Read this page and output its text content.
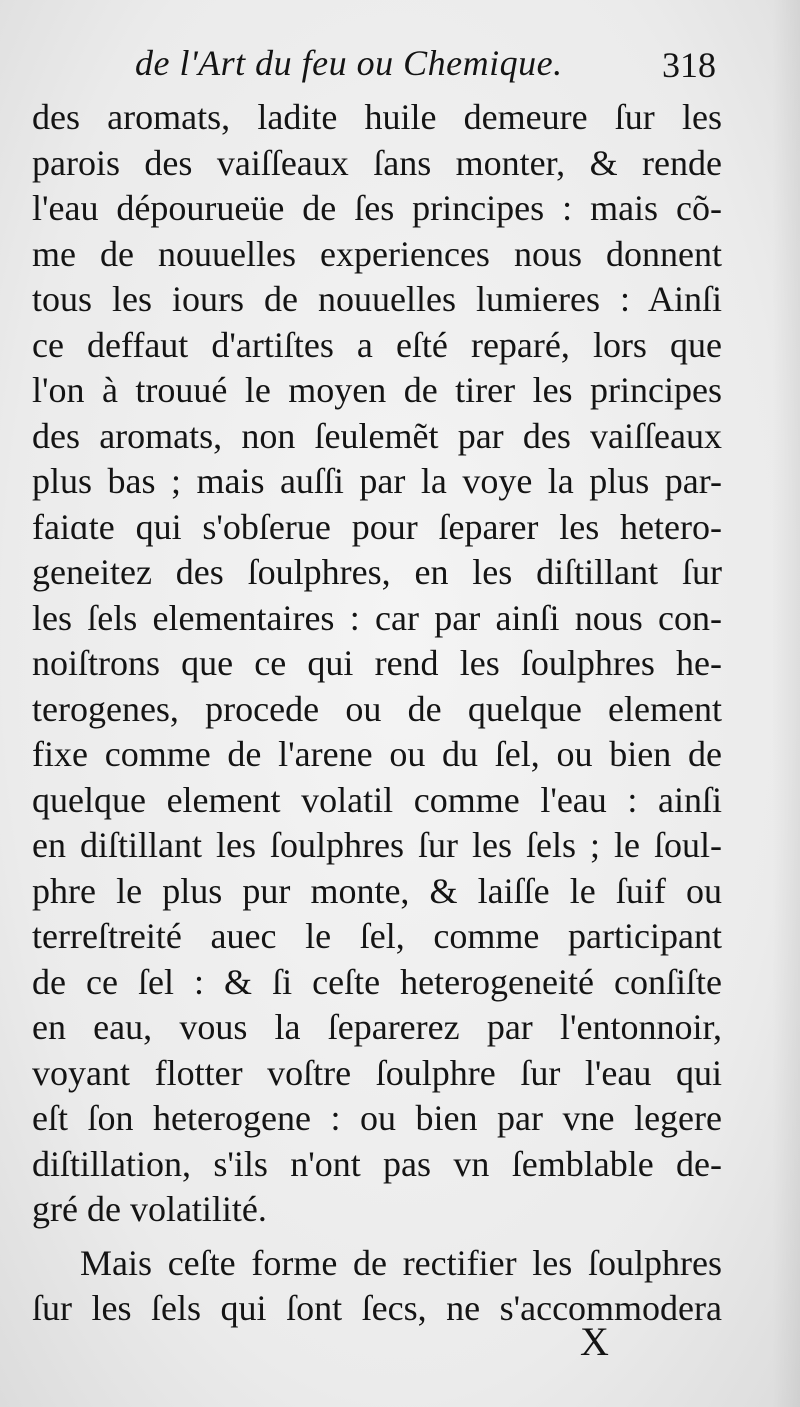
de l'Art du feu ou Chemique.	318
des aromats, ladite huile demeure ſur les
parois des vaiſſeaux ſans monter, & rende
l'eau dépourueüe de ſes principes : mais cõ-
me de nouuelles experiences nous donnent
tous les iours de nouuelles lumieres : Ainſi
ce deffaut d'artiſtes a eſté reparé, lors que
l'on à trouué le moyen de tirer les principes
des aromats, non ſeulemẽt par des vaiſſeaux
plus bas ; mais auſſi par la voye la plus par-
faiɑte qui s'obſerue pour ſeparer les hetero-
geneitez des ſoulphres, en les diſtillant ſur
les ſels elementaires : car par ainſi nous con-
noiſtrons que ce qui rend les ſoulphres he-
terogenes, procede ou de quelque element
fixe comme de l'arene ou du ſel, ou bien de
quelque element volatil comme l'eau : ainſi
en diſtillant les ſoulphres ſur les ſels ; le ſoul-
phre le plus pur monte, & laiſſe le ſuif ou
terreſtreité auec le ſel, comme participant
de ce ſel : & ſi ceſte heterogeneité conſiſte
en eau, vous la ſeparerez par l'entonnoir,
voyant flotter voſtre ſoulphre ſur l'eau qui
eſt ſon heterogene : ou bien par vne legere
diſtillation, s'ils n'ont pas vn ſemblable de-
gré de volatilité.
Mais ceſte forme de rectifier les ſoulphres
ſur les ſels qui ſont ſecs, ne s'accommodera
X
